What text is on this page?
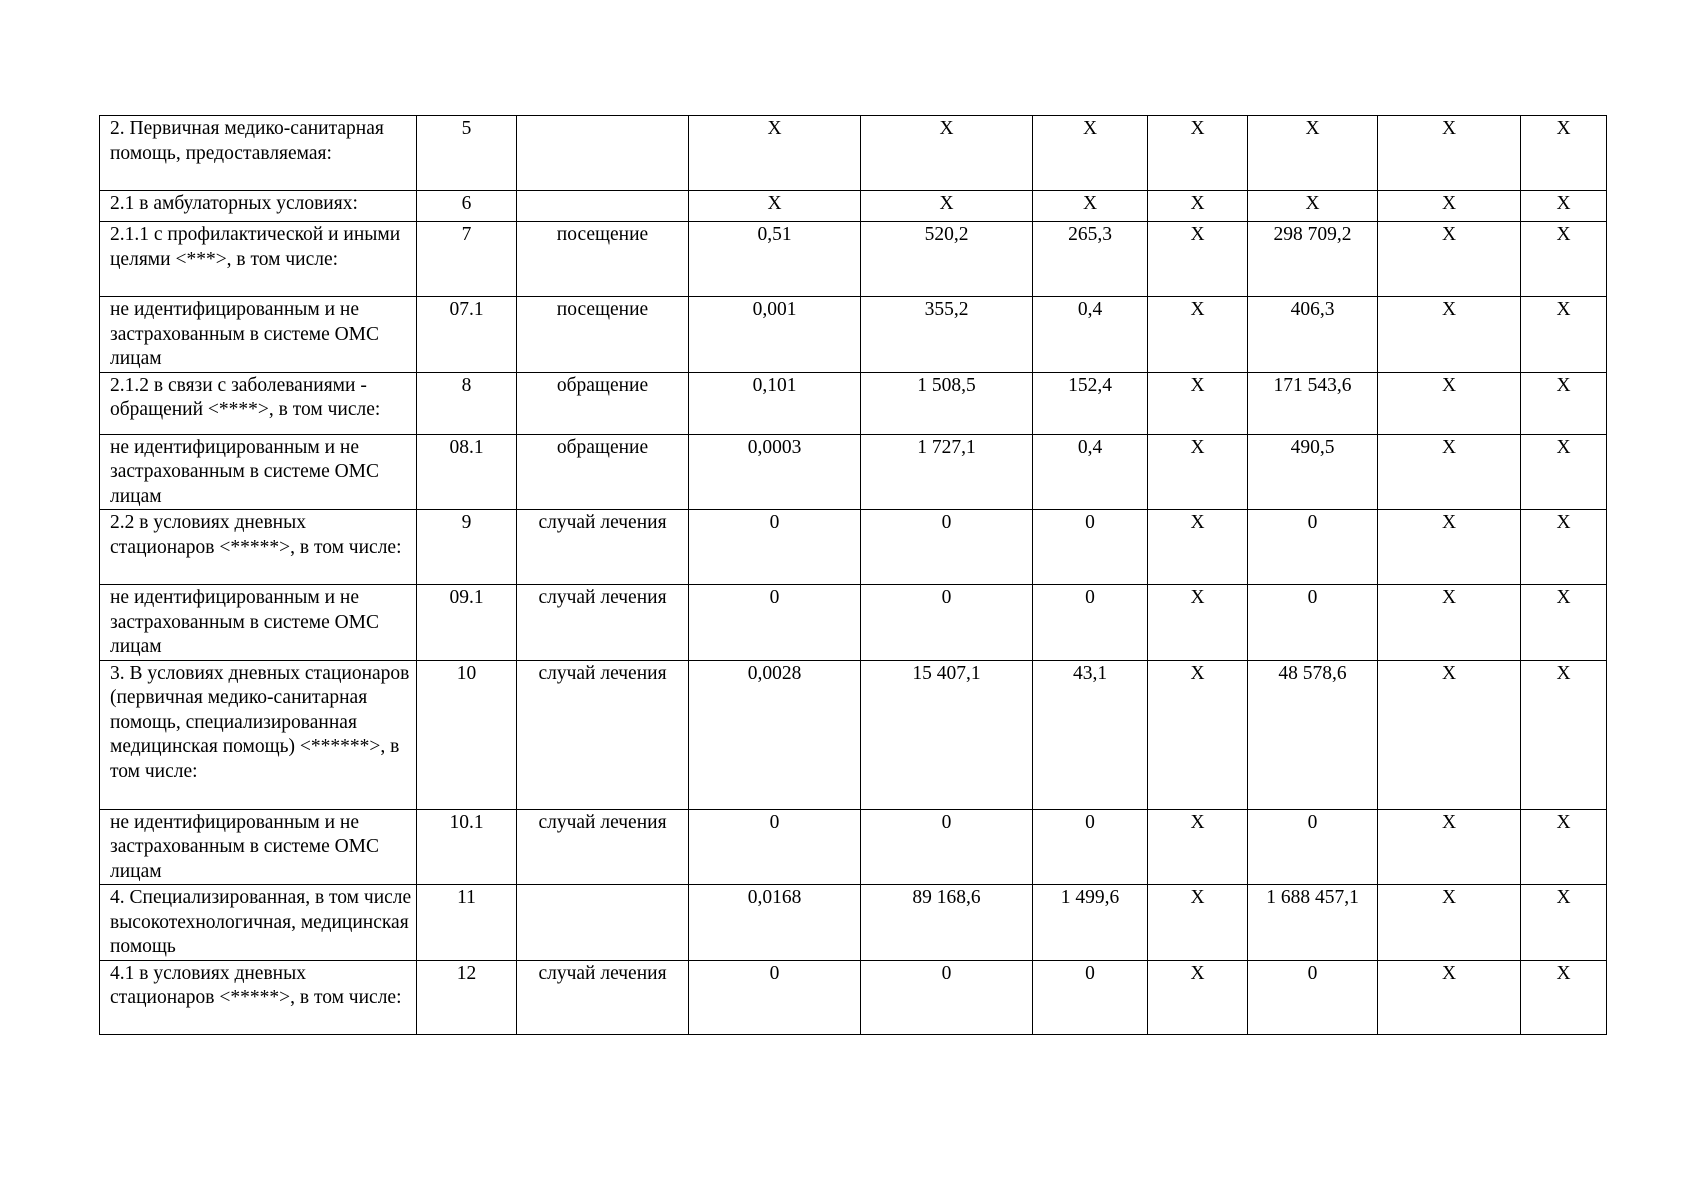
2. Первичная медико-санитарная помощь, предоставляемая:	5		Х	Х	Х	Х	Х	Х	Х
2.1 в амбулаторных условиях:	6		Х	Х	Х	Х	Х	Х	Х
2.1.1 с профилактической и иными целями <***>, в том числе:	7	посещение	0,51	520,2	265,3	Х	298 709,2	Х	Х
не идентифицированным и не застрахованным в системе ОМС лицам	07.1	посещение	0,001	355,2	0,4	Х	406,3	Х	Х
2.1.2 в связи с заболеваниями - обращений <****>, в том числе:	8	обращение	0,101	1 508,5	152,4	Х	171 543,6	Х	Х
не идентифицированным и не застрахованным в системе ОМС лицам	08.1	обращение	0,0003	1 727,1	0,4	Х	490,5	Х	Х
2.2 в условиях дневных стационаров <*****>, в том числе:	9	случай лечения	0	0	0	Х	0	Х	Х
не идентифицированным и не застрахованным в системе ОМС лицам	09.1	случай лечения	0	0	0	Х	0	Х	Х
3. В условиях дневных стационаров (первичная медико-санитарная помощь, специализированная медицинская помощь) <******>, в том числе:	10	случай лечения	0,0028	15 407,1	43,1	Х	48 578,6	Х	Х
не идентифицированным и не застрахованным в системе ОМС лицам	10.1	случай лечения	0	0	0	Х	0	Х	Х
4. Специализированная, в том числе высокотехнологичная, медицинская помощь	11		0,0168	89 168,6	1 499,6	Х	1 688 457,1	Х	Х
4.1 в условиях дневных стационаров <*****>, в том числе:	12	случай лечения	0	0	0	Х	0	Х	Х
